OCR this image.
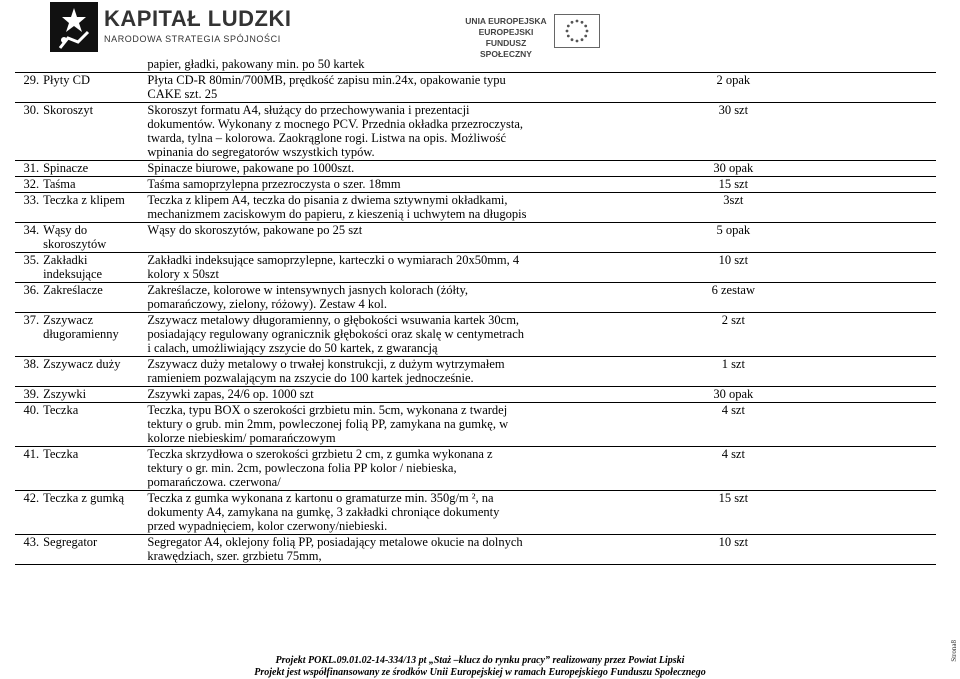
KAPITAŁ LUDZKI
NARODOWA STRATEGIA SPÓJNOŚCI
UNIA EUROPEJSKA
EUROPEJSKI
FUNDUSZ SPOŁECZNY
		papier, gładki, pakowany min. po 50 kartek	
29.	Płyty CD	Płyta CD-R 80min/700MB, prędkość zapisu min.24x, opakowanie typu CAKE szt. 25	2 opak
30.	Skoroszyt	Skoroszyt formatu A4, służący do przechowywania i prezentacji dokumentów. Wykonany z mocnego PCV. Przednia okładka przezroczysta, twarda, tylna – kolorowa. Zaokrąglone rogi. Listwa na opis. Możliwość wpinania do segregatorów wszystkich typów.	30 szt
31.	Spinacze	Spinacze biurowe, pakowane po 1000szt.	30 opak
32.	Taśma	Taśma samoprzylepna przezroczysta o szer. 18mm	15 szt
33.	Teczka z klipem	Teczka z klipem A4, teczka do pisania z dwiema sztywnymi okładkami, mechanizmem zaciskowym do papieru, z kieszenią i uchwytem na długopis	3szt
34.	Wąsy do skoroszytów	Wąsy do skoroszytów, pakowane po 25 szt	5 opak
35.	Zakładki indeksujące	Zakładki indeksujące samoprzylepne, karteczki o wymiarach 20x50mm, 4 kolory x 50szt	10 szt
36.	Zakreślacze	Zakreślacze, kolorowe w intensywnych jasnych kolorach (żółty, pomarańczowy, zielony, różowy). Zestaw 4 kol.	6 zestaw
37.	Zszywacz długoramienny	Zszywacz metalowy długoramienny, o głębokości wsuwania kartek 30cm, posiadający regulowany ogranicznik głębokości oraz skalę w centymetrach i calach, umożliwiający zszycie do 50 kartek, z gwarancją	2 szt
38.	Zszywacz duży	Zszywacz duży metalowy o trwałej konstrukcji, z dużym wytrzymałem ramieniem pozwalającym na zszycie do 100 kartek jednocześnie.	1 szt
39.	Zszywki	Zszywki zapas, 24/6 op. 1000 szt	30 opak
40.	Teczka	Teczka, typu BOX o szerokości grzbietu min. 5cm, wykonana z twardej tektury o grub. min 2mm, powleczonej folią PP, zamykana na gumkę, w kolorze niebieskim/ pomarańczowym	4 szt
41.	Teczka	Teczka skrzydłowa o szerokości grzbietu 2 cm, z gumka wykonana z tektury o gr. min. 2cm, powleczona folia PP kolor / niebieska, pomarańczowa. czerwona/	4 szt
42.	Teczka z gumką	Teczka z gumka wykonana z kartonu o gramaturze min. 350g/m ², na dokumenty A4, zamykana na gumkę, 3 zakładki chroniące dokumenty przed wypadnięciem, kolor czerwony/niebieski.	15 szt
43.	Segregator	Segregator A4, oklejony folią PP, posiadający metalowe okucie na dolnych krawędziach, szer. grzbietu 75mm,	10 szt
Strona8
Projekt POKL.09.01.02-14-334/13 pt „Staż –klucz do rynku pracy” realizowany przez Powiat Lipski
Projekt jest współfinansowany ze środków Unii Europejskiej w ramach Europejskiego Funduszu Społecznego
